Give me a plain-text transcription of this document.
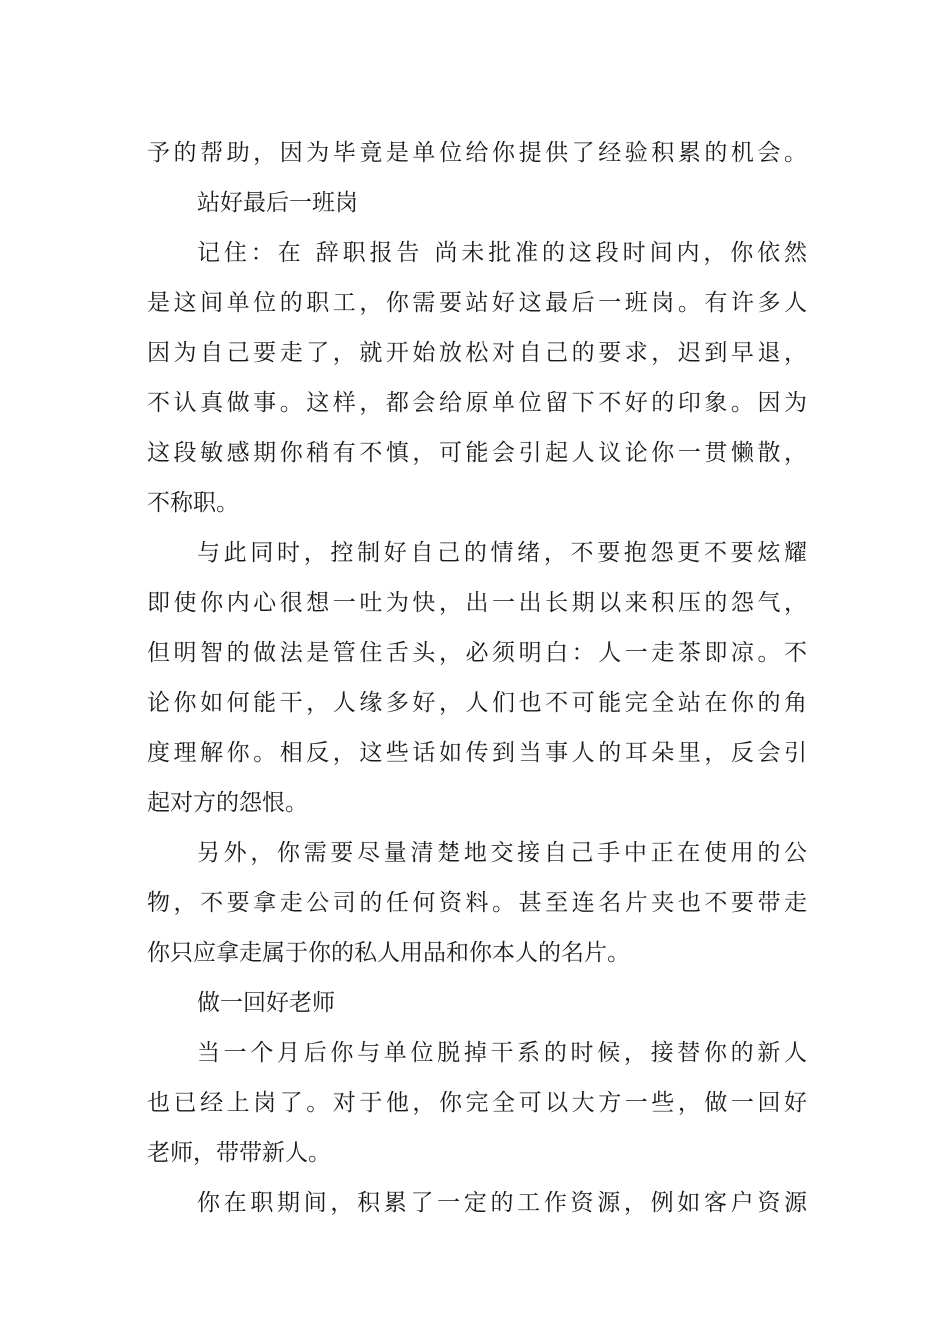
予的帮助，因为毕竟是单位给你提供了经验积累的机会。
站好最后一班岗
记住：在 辞职报告 尚未批准的这段时间内，你依然
是这间单位的职工，你需要站好这最后一班岗。有许多人
因为自己要走了，就开始放松对自己的要求，迟到早退，
不认真做事。这样，都会给原单位留下不好的印象。因为
这段敏感期你稍有不慎，可能会引起人议论你一贯懒散，
不称职。
与此同时，控制好自己的情绪，不要抱怨更不要炫耀
即使你内心很想一吐为快，出一出长期以来积压的怨气，
但明智的做法是管住舌头，必须明白：人一走茶即凉。不
论你如何能干，人缘多好，人们也不可能完全站在你的角
度理解你。相反，这些话如传到当事人的耳朵里，反会引
起对方的怨恨。
另外，你需要尽量清楚地交接自己手中正在使用的公
物，不要拿走公司的任何资料。甚至连名片夹也不要带走
你只应拿走属于你的私人用品和你本人的名片。
做一回好老师
当一个月后你与单位脱掉干系的时候，接替你的新人
也已经上岗了。对于他，你完全可以大方一些，做一回好
老师，带带新人。
你在职期间，积累了一定的工作资源，例如客户资源
